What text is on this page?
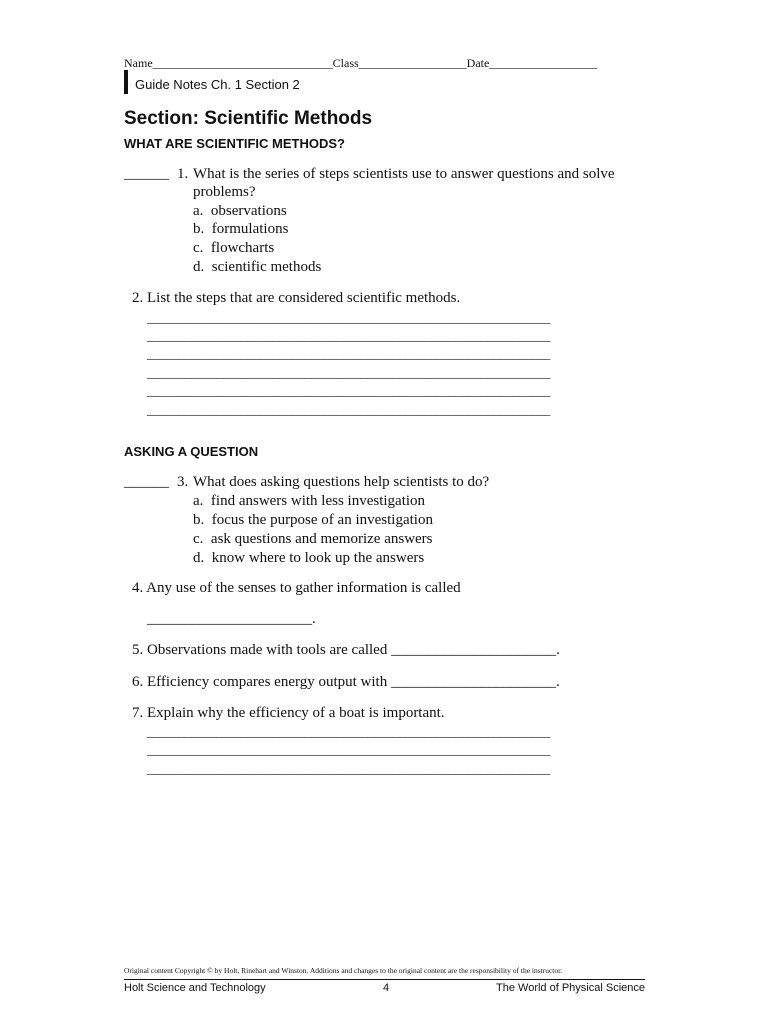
Name______________________________Class__________________Date__________________
Guide Notes Ch. 1 Section 2
Section: Scientific Methods
WHAT ARE SCIENTIFIC METHODS?
______ 1. What is the series of steps scientists use to answer questions and solve
problems?
a.  observations
b.  formulations
c.  flowcharts
d.  scientific methods
2. List the steps that are considered scientific methods.
________________________________________________________________
________________________________________________________________
________________________________________________________________
________________________________________________________________
________________________________________________________________
________________________________________________________________
ASKING A QUESTION
______ 3. What does asking questions help scientists to do?
a.  find answers with less investigation
b.  focus the purpose of an investigation
c.  ask questions and memorize answers
d.  know where to look up the answers
4. Any use of the senses to gather information is called
______________________.
5. Observations made with tools are called ______________________.
6. Efficiency compares energy output with ______________________.
7. Explain why the efficiency of a boat is important.
________________________________________________________________
________________________________________________________________
________________________________________________________________
Original content Copyright © by Holt, Rinehart and Winston. Additions and changes to the original content are the responsibility of the instructor.
Holt Science and Technology	4	The World of Physical Science
